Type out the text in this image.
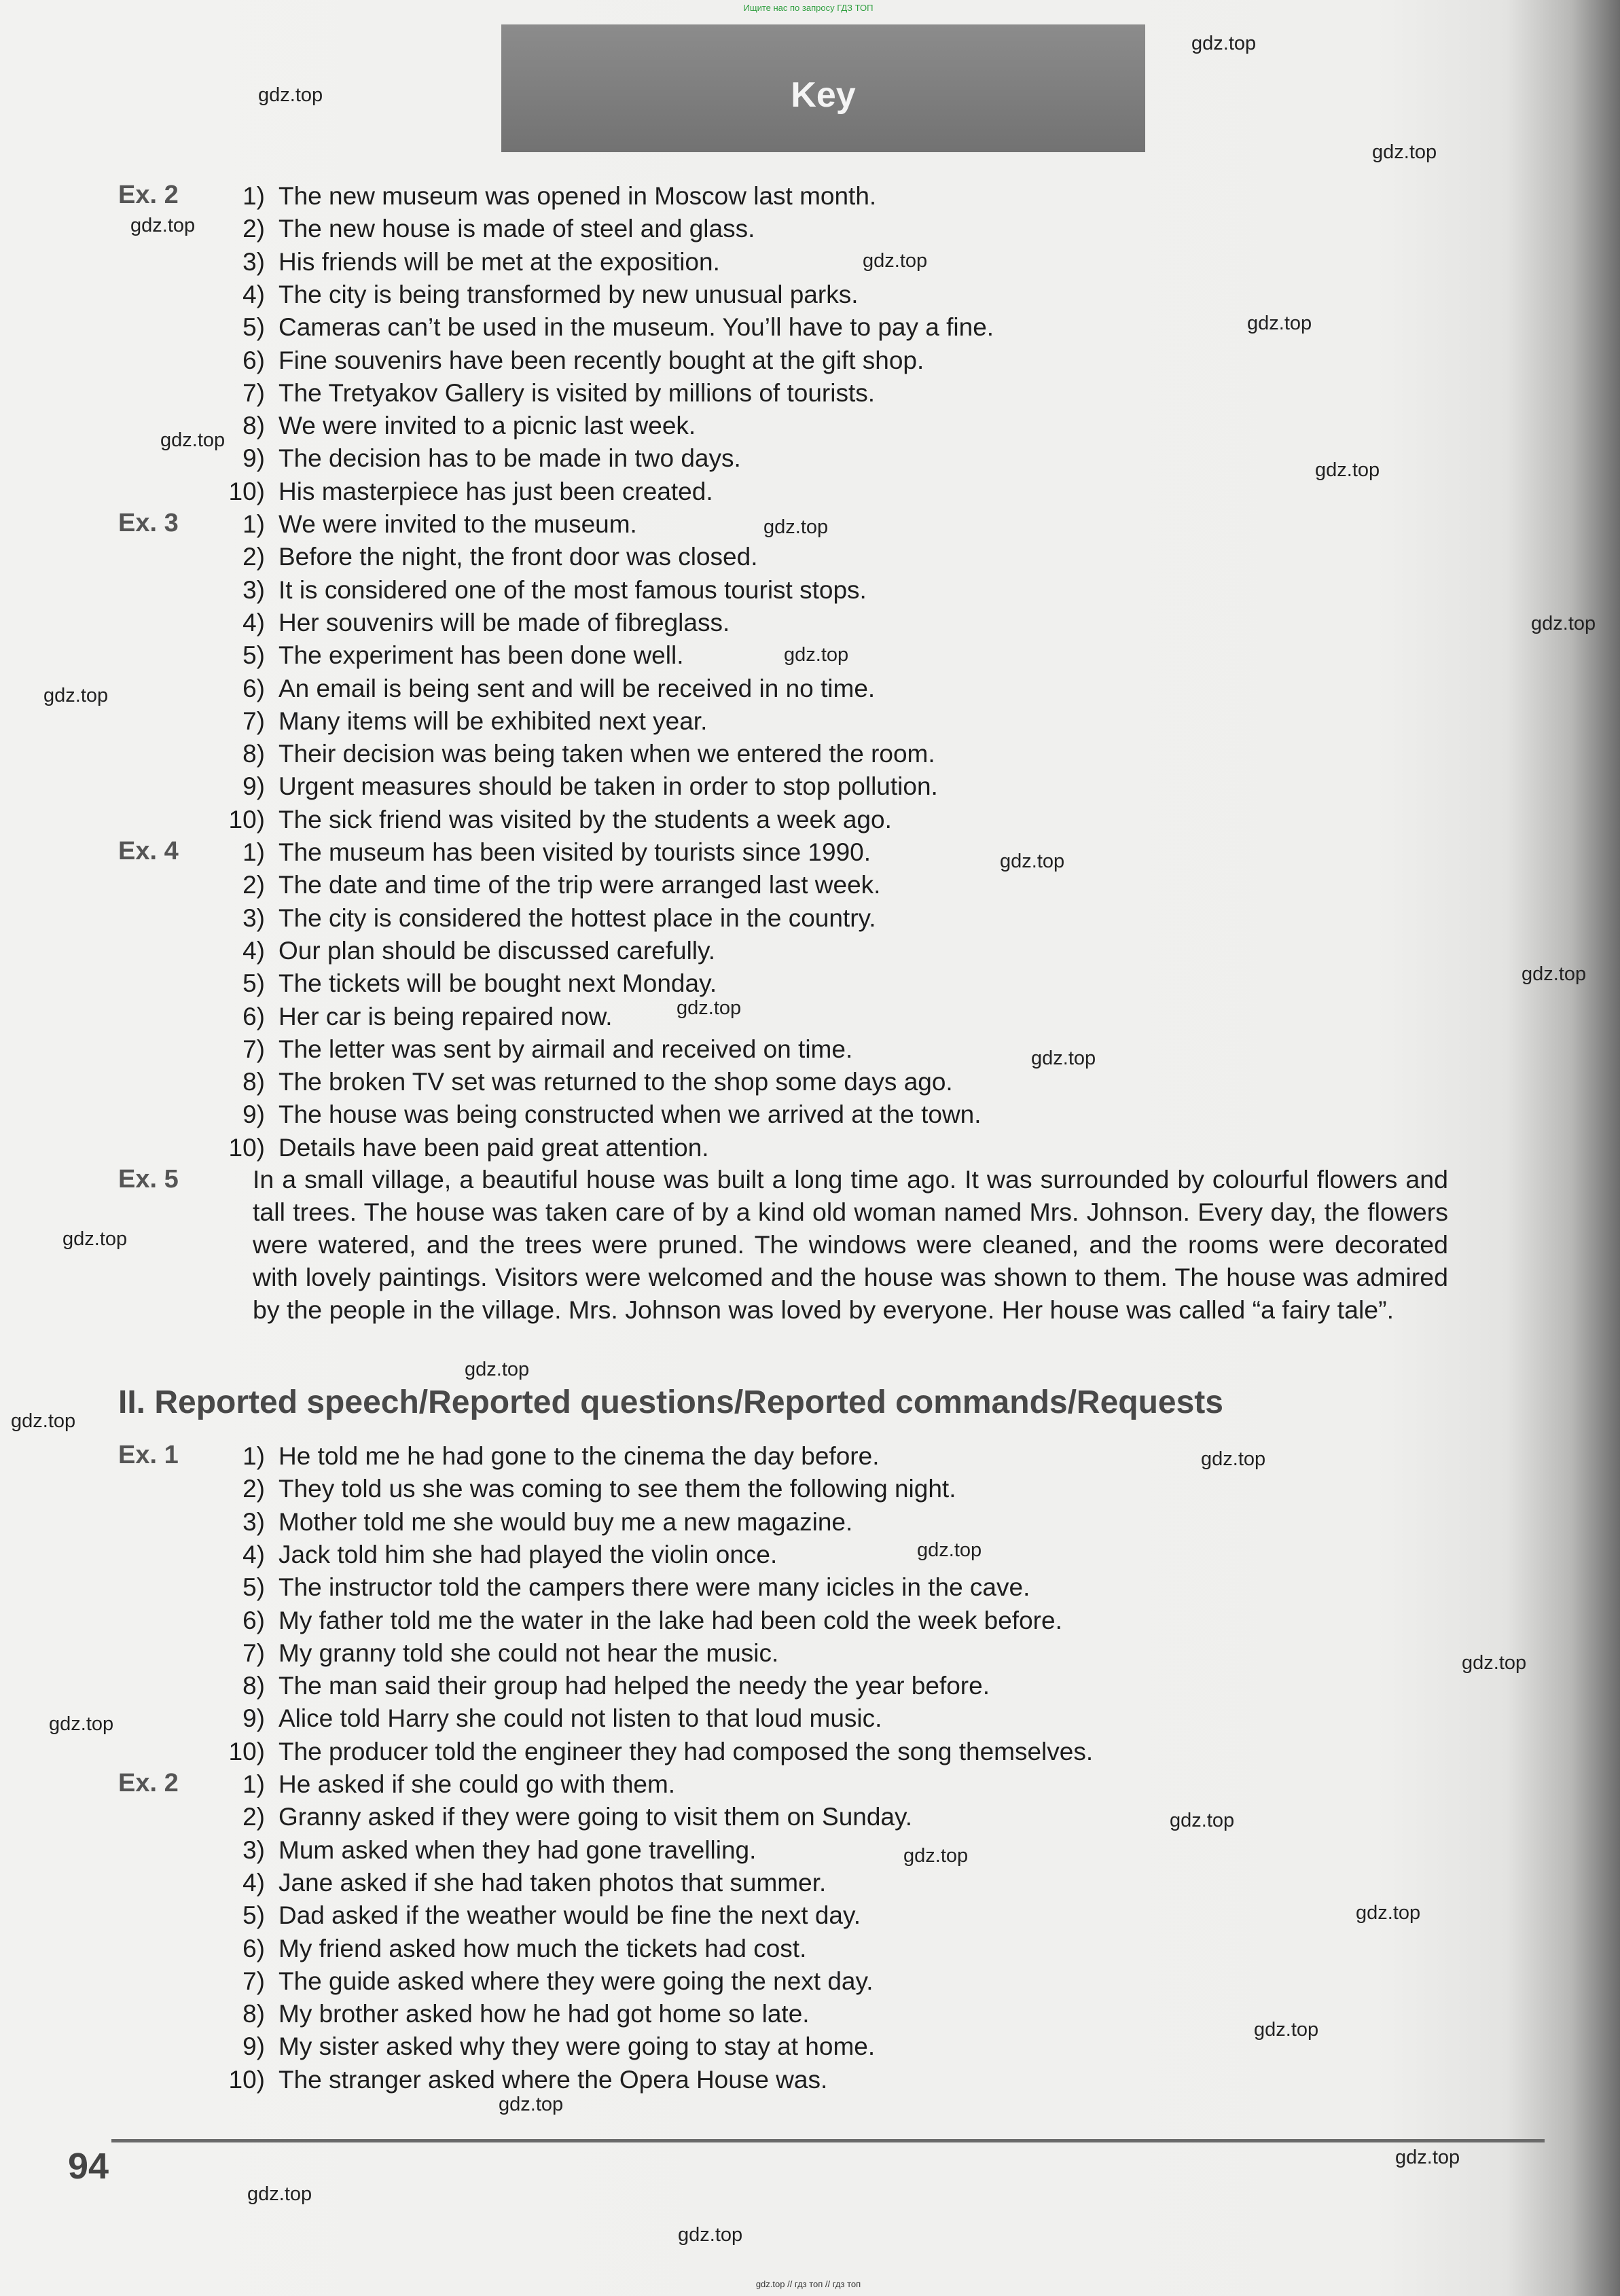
Ищите нас по запросу ГДЗ ТОП
Key
Ex. 2	1) The new museum was opened in Moscow last month.
2) The new house is made of steel and glass.
3) His friends will be met at the exposition.
4) The city is being transformed by new unusual parks.
5) Cameras can’t be used in the museum. You’ll have to pay a fine.
6) Fine souvenirs have been recently bought at the gift shop.
7) The Tretyakov Gallery is visited by millions of tourists.
8) We were invited to a picnic last week.
9) The decision has to be made in two days.
10) His masterpiece has just been created.
Ex. 3	1) We were invited to the museum.
2) Before the night, the front door was closed.
3) It is considered one of the most famous tourist stops.
4) Her souvenirs will be made of fibreglass.
5) The experiment has been done well.
6) An email is being sent and will be received in no time.
7) Many items will be exhibited next year.
8) Their decision was being taken when we entered the room.
9) Urgent measures should be taken in order to stop pollution.
10) The sick friend was visited by the students a week ago.
Ex. 4	1) The museum has been visited by tourists since 1990.
2) The date and time of the trip were arranged last week.
3) The city is considered the hottest place in the country.
4) Our plan should be discussed carefully.
5) The tickets will be bought next Monday.
6) Her car is being repaired now.
7) The letter was sent by airmail and received on time.
8) The broken TV set was returned to the shop some days ago.
9) The house was being constructed when we arrived at the town.
10) Details have been paid great attention.
Ex. 1	1) He told me he had gone to the cinema the day before.
2) They told us she was coming to see them the following night.
3) Mother told me she would buy me a new magazine.
4) Jack told him she had played the violin once.
5) The instructor told the campers there were many icicles in the cave.
6) My father told me the water in the lake had been cold the week before.
7) My granny told she could not hear the music.
8) The man said their group had helped the needy the year before.
9) Alice told Harry she could not listen to that loud music.
10) The producer told the engineer they had composed the song themselves.
Ex. 2	1) He asked if she could go with them.
2) Granny asked if they were going to visit them on Sunday.
3) Mum asked when they had gone travelling.
4) Jane asked if she had taken photos that summer.
5) Dad asked if the weather would be fine the next day.
6) My friend asked how much the tickets had cost.
7) The guide asked where they were going the next day.
8) My brother asked how he had got home so late.
9) My sister asked why they were going to stay at home.
10) The stranger asked where the Opera House was.
Ex. 5	In a small village, a beautiful house was built a long time ago. It was surrounded by colourful flowers and tall trees. The house was taken care of by a kind old woman named Mrs. Johnson. Every day, the flowers were watered, and the trees were pruned. The windows were cleaned, and the rooms were decorated with lovely paintings. Visitors were welcomed and the house was shown to them. The house was admired by the people in the village. Mrs. Johnson was loved by everyone. Her house was called “a fairy tale”.
II. Reported speech/Reported questions/Reported commands/Requests
94
gdz.top
gdz.top
gdz.top
gdz.top
gdz.top
gdz.top
gdz.top
gdz.top
gdz.top
gdz.top
gdz.top
gdz.top
gdz.top
gdz.top
gdz.top
gdz.top
gdz.top
gdz.top
gdz.top
gdz.top
gdz.top
gdz.top
gdz.top
gdz.top
gdz.top
gdz.top
gdz.top
gdz.top
gdz.top
gdz.top
gdz.top
gdz.top // гдз топ // гдз топ
